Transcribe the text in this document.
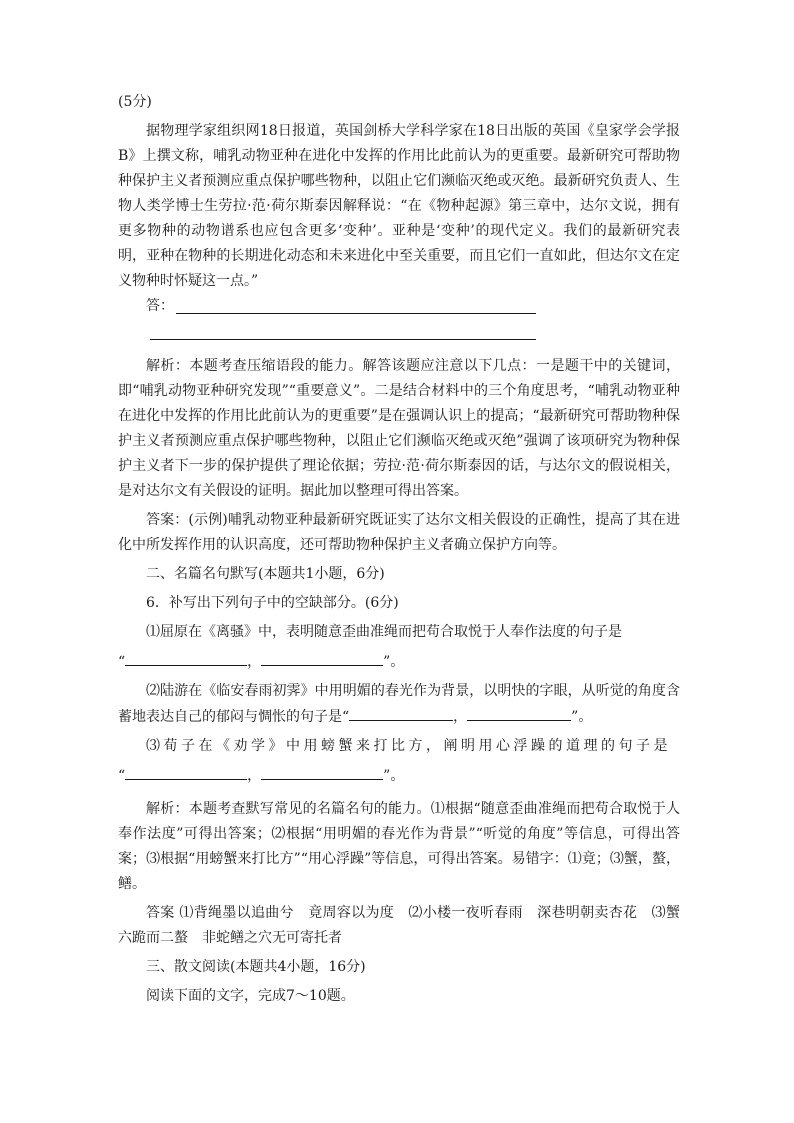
(5分)

据物理学家组织网18日报道，英国剑桥大学科学家在18日出版的英国《皇家学会学报B》上撰文称，哺乳动物亚种在进化中发挥的作用比此前认为的更重要。最新研究可帮助物种保护主义者预测应重点保护哪些物种，以阻止它们濒临灭绝或灭绝。最新研究负责人、生物人类学博士生劳拉·范·荷尔斯泰因解释说：“在《物种起源》第三章中，达尔文说，拥有更多物种的动物谱系也应包含更多‘变种’。亚种是‘变种’的现代定义。我们的最新研究表明，亚种在物种的长期进化动态和未来进化中至关重要，而且它们一直如此，但达尔文在定义物种时怀疑这一点。”

答：

解析：本题考查压缩语段的能力。解答该题应注意以下几点：一是题干中的关键词，即“哺乳动物亚种研究发现”“重要意义”。二是结合材料中的三个角度思考，“哺乳动物亚种在进化中发挥的作用比此前认为的更重要”是在强调认识上的提高；“最新研究可帮助物种保护主义者预测应重点保护哪些物种，以阻止它们濒临灭绝或灭绝”强调了该项研究为物种保护主义者下一步的保护提供了理论依据；劳拉·范·荷尔斯泰因的话，与达尔文的假说相关，是对达尔文有关假设的证明。据此加以整理可得出答案。

答案：(示例)哺乳动物亚种最新研究既证实了达尔文相关假设的正确性，提高了其在进化中所发挥作用的认识高度，还可帮助物种保护主义者确立保护方向等。

二、名篇名句默写(本题共1小题，6分)

6．补写出下列句子中的空缺部分。(6分)

⑴屈原在《离骚》中，表明随意歪曲准绳而把苟合取悦于人奉作法度的句子是

“	，	”。

⑵陆游在《临安春雨初霁》中用明媚的春光作为背景，以明快的字眼，从听觉的角度含蓄地表达自己的郁闷与惆怅的句子是“	，	”。

⑶荀子在《劝学》中用螃蟹来打比方，阐明用心浮躁的道理的句子是

“	，	”。

解析：本题考查默写常见的名篇名句的能力。⑴根据“随意歪曲准绳而把苟合取悦于人奉作法度”可得出答案；⑵根据“用明媚的春光作为背景”“听觉的角度”等信息，可得出答案；⑶根据“用螃蟹来打比方”“用心浮躁”等信息，可得出答案。易错字：⑴竟；⑶蟹，螯，鳝。

答案 ⑴背绳墨以追曲兮　竟周容以为度　⑵小楼一夜听春雨　深巷明朝卖杏花　⑶蟹六跪而二螯　非蛇鳝之穴无可寄托者

三、散文阅读(本题共4小题，16分)

阅读下面的文字，完成7～10题。
